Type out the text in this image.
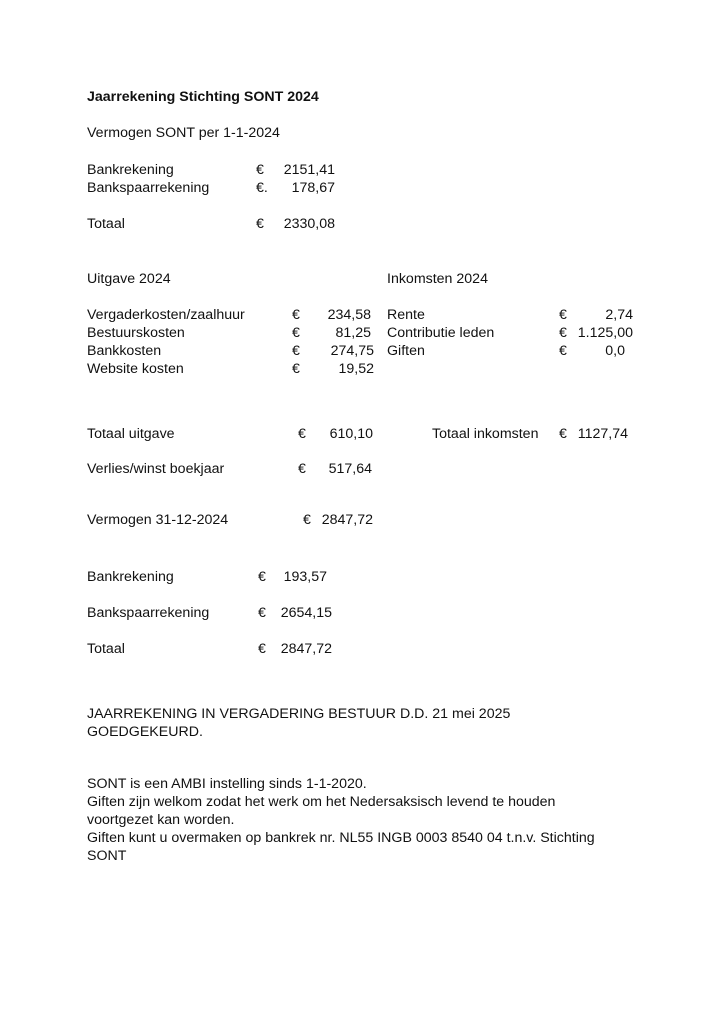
Jaarrekening Stichting SONT 2024
Vermogen SONT per 1-1-2024
Bankrekening	€	2151,41
Bankspaarrekening	€.	178,67
Totaal	€	2330,08
Uitgave 2024
Vergaderkosten/zaalhuur	€	234,58
Bestuurskosten	€	81,25
Bankkosten	€	274,75
Website kosten	€	19,52
Inkomsten 2024
Rente	€	2,74
Contributie leden	€ 1.125,00
Giften	€	0,0
Totaal uitgave	€	610,10	Totaal inkomsten € 1127,74
Verlies/winst boekjaar	€	517,64
Vermogen 31-12-2024	€ 2847,72
Bankrekening	€	193,57
Bankspaarrekening	€	2654,15
Totaal	€	2847,72
JAARREKENING IN VERGADERING BESTUUR D.D. 21 mei 2025
GOEDGEKEURD.
SONT is een AMBI instelling sinds 1-1-2020.
Giften zijn welkom zodat het werk om het Nedersaksisch levend te houden
voortgezet kan worden.
Giften kunt u overmaken op bankrek nr. NL55 INGB 0003 8540 04 t.n.v. Stichting
SONT
